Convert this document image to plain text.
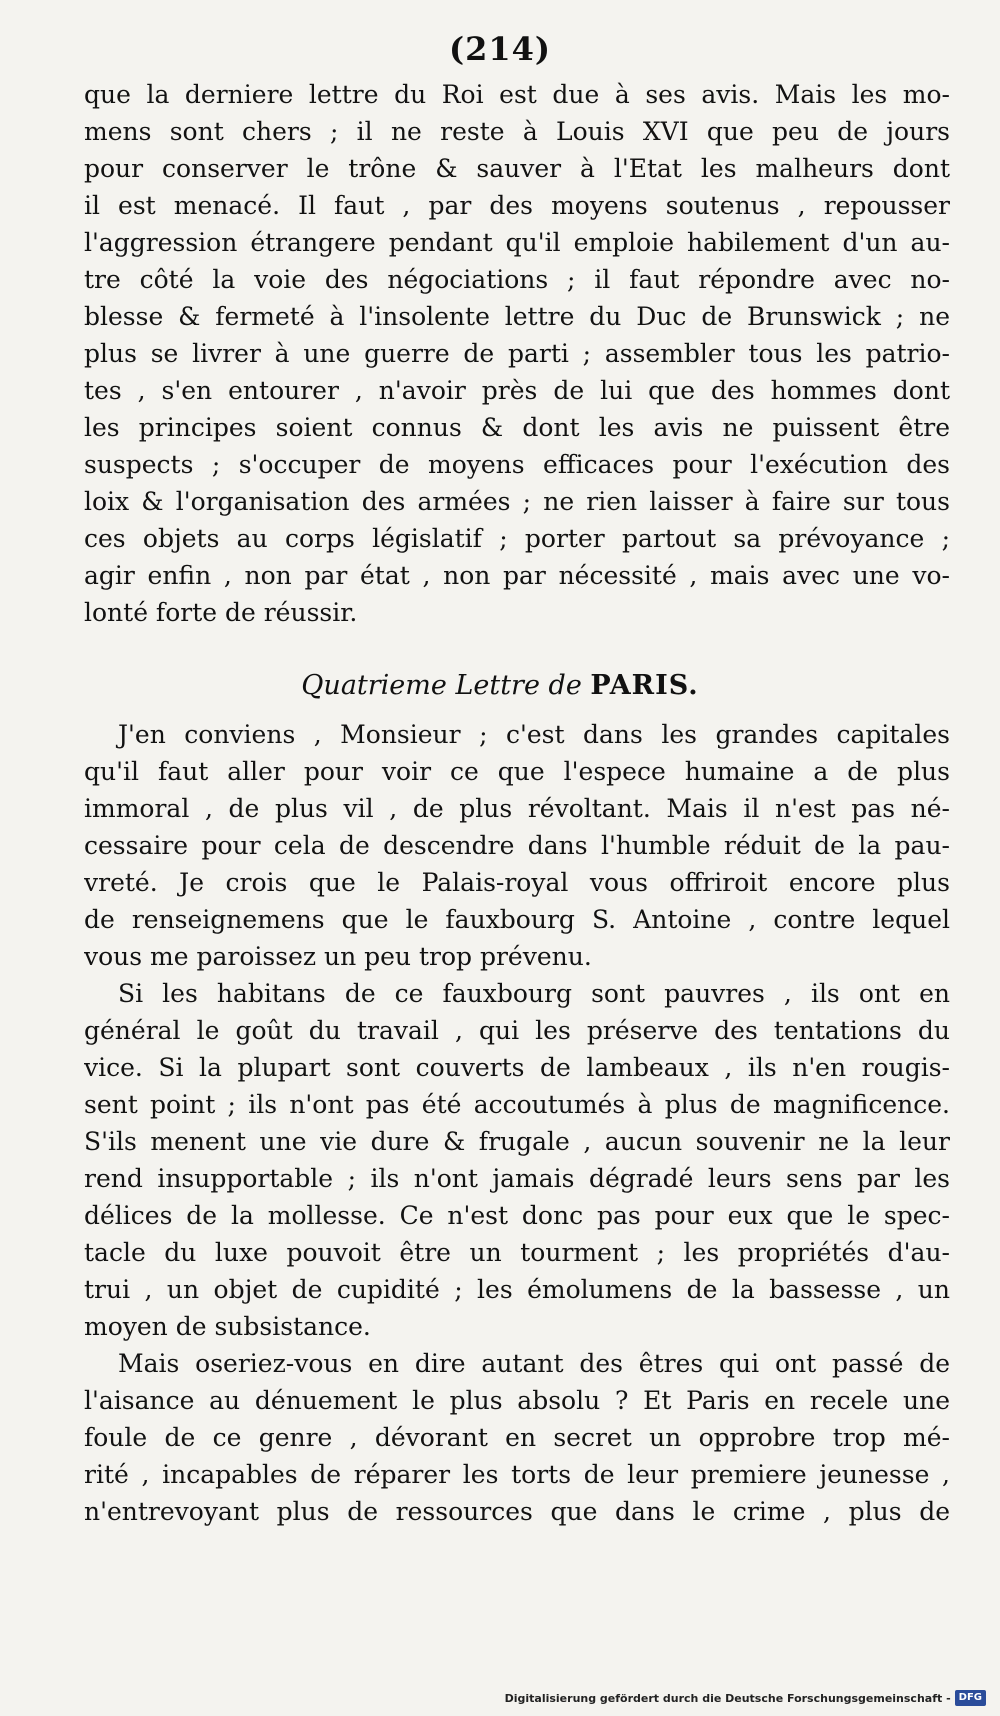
(214)
que la derniere lettre du Roi est due à ses avis. Mais les mo-
mens sont chers ; il ne reste à Louis XVI que peu de jours
pour conserver le trône & sauver à l'Etat les malheurs dont
il est menacé. Il faut , par des moyens soutenus , repousser
l'aggression étrangere pendant qu'il emploie habilement d'un au-
tre côté la voie des négociations ; il faut répondre avec no-
blesse & fermeté à l'insolente lettre du Duc de Brunswick ; ne
plus se livrer à une guerre de parti ; assembler tous les patrio-
tes , s'en entourer , n'avoir près de lui que des hommes dont
les principes soient connus & dont les avis ne puissent être
suspects ; s'occuper de moyens efficaces pour l'exécution des
loix & l'organisation des armées ; ne rien laisser à faire sur tous
ces objets au corps législatif ; porter partout sa prévoyance ;
agir enfin , non par état , non par nécessité , mais avec une vo-
lonté forte de réussir.
Quatrieme Lettre de PARIS.
J'en conviens , Monsieur ; c'est dans les grandes capitales
qu'il faut aller pour voir ce que l'espece humaine a de plus
immoral , de plus vil , de plus révoltant. Mais il n'est pas né-
cessaire pour cela de descendre dans l'humble réduit de la pau-
vreté. Je crois que le Palais-royal vous offriroit encore plus
de renseignemens que le fauxbourg S. Antoine , contre lequel
vous me paroissez un peu trop prévenu.
Si les habitans de ce fauxbourg sont pauvres , ils ont en
général le goût du travail , qui les préserve des tentations du
vice. Si la plupart sont couverts de lambeaux , ils n'en rougis-
sent point ; ils n'ont pas été accoutumés à plus de magnificence.
S'ils menent une vie dure & frugale , aucun souvenir ne la leur
rend insupportable ; ils n'ont jamais dégradé leurs sens par les
délices de la mollesse. Ce n'est donc pas pour eux que le spec-
tacle du luxe pouvoit être un tourment ; les propriétés d'au-
trui , un objet de cupidité ; les émolumens de la bassesse , un
moyen de subsistance.
Mais oseriez-vous en dire autant des êtres qui ont passé de
l'aisance au dénuement le plus absolu ? Et Paris en recele une
foule de ce genre , dévorant en secret un opprobre trop mé-
rité , incapables de réparer les torts de leur premiere jeunesse ,
n'entrevoyant plus de ressources que dans le crime , plus de
Digitalisierung gefördert durch die Deutsche Forschungsgemeinschaft - DFG
